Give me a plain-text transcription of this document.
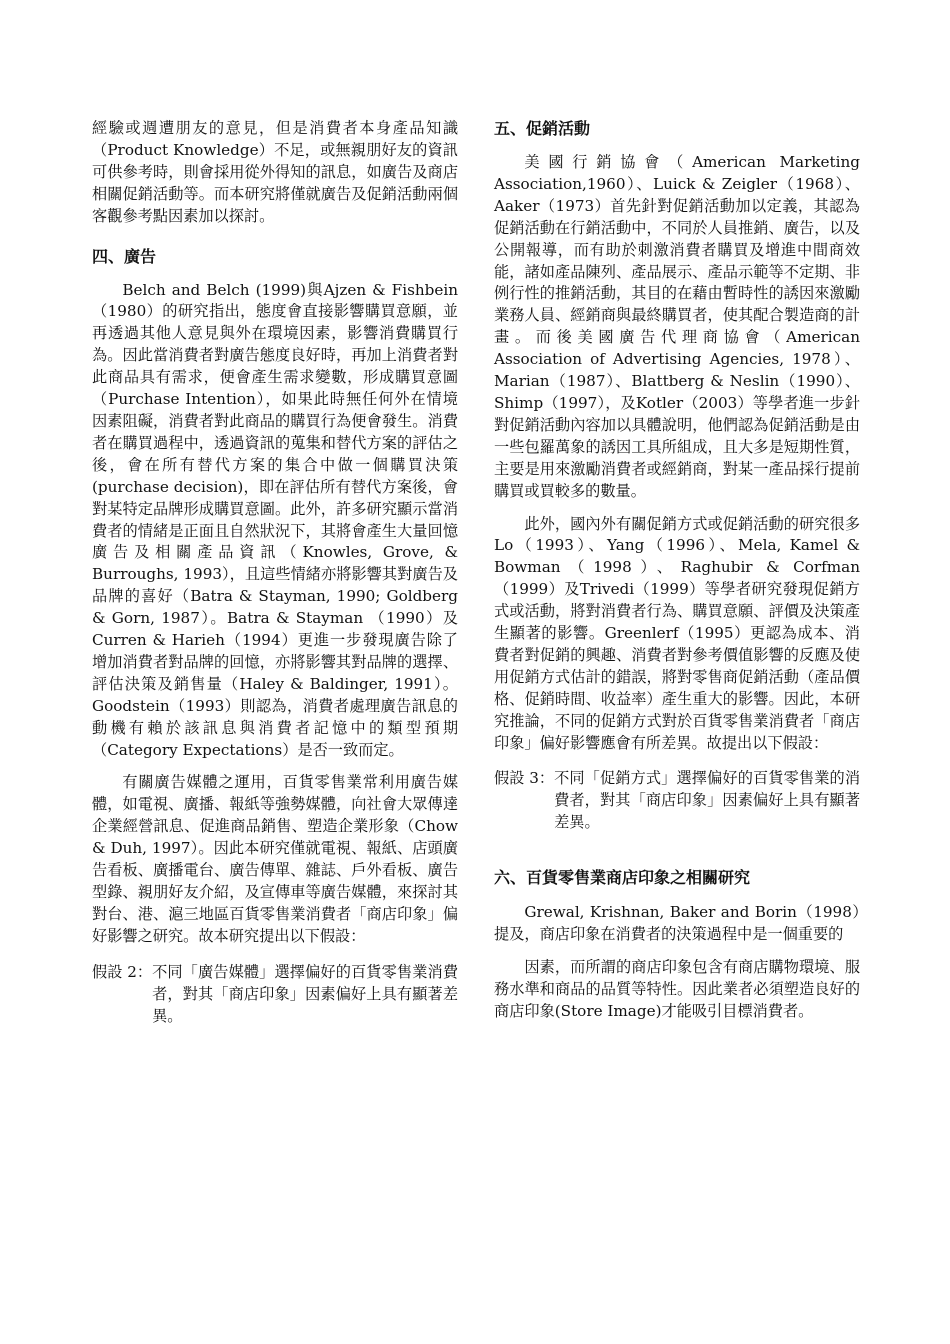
經驗或週遭朋友的意見，但是消費者本身產品知識（Product Knowledge）不足，或無親朋好友的資訊可供參考時，則會採用從外得知的訊息，如廣告及商店相關促銷活動等。而本研究將僅就廣告及促銷活動兩個客觀參考點因素加以探討。

四、廣告

Belch and Belch (1999)與Ajzen & Fishbein（1980）的研究指出，態度會直接影響購買意願，並再透過其他人意見與外在環境因素，影響消費購買行為。因此當消費者對廣告態度良好時，再加上消費者對此商品具有需求，便會產生需求變數，形成購買意圖（Purchase Intention），如果此時無任何外在情境因素阻礙，消費者對此商品的購買行為便會發生。消費者在購買過程中，透過資訊的蒐集和替代方案的評估之後，會在所有替代方案的集合中做一個購買決策(purchase decision)，即在評估所有替代方案後，會對某特定品牌形成購買意圖。此外，許多研究顯示當消費者的情緒是正面且自然狀況下，其將會產生大量回憶廣告及相關產品資訊（Knowles, Grove, & Burroughs, 1993），且這些情緒亦將影響其對廣告及品牌的喜好（Batra & Stayman, 1990; Goldberg & Gorn, 1987）。Batra & Stayman （1990）及Curren & Harieh（1994）更進一步發現廣告除了增加消費者對品牌的回憶，亦將影響其對品牌的選擇、評估決策及銷售量（Haley & Baldinger, 1991）。Goodstein（1993）則認為，消費者處理廣告訊息的動機有賴於該訊息與消費者記憶中的類型預期（Category Expectations）是否一致而定。

有關廣告媒體之運用，百貨零售業常利用廣告媒體，如電視、廣播、報紙等強勢媒體，向社會大眾傳達企業經營訊息、促進商品銷售、塑造企業形象（Chow & Duh, 1997）。因此本研究僅就電視、報紙、店頭廣告看板、廣播電台、廣告傳單、雜誌、戶外看板、廣告型錄、親朋好友介紹，及宣傳車等廣告媒體，來探討其對台、港、滬三地區百貨零售業消費者「商店印象」偏好影響之研究。故本研究提出以下假設：

假設 2： 不同「廣告媒體」選擇偏好的百貨零售業消費者，對其「商店印象」因素偏好上具有顯著差異。
五、促銷活動

美國行銷協會（American Marketing Association,1960）、Luick & Zeigler（1968）、Aaker（1973）首先針對促銷活動加以定義，其認為促銷活動在行銷活動中，不同於人員推銷、廣告，以及公開報導，而有助於刺激消費者購買及增進中間商效能，諸如產品陳列、產品展示、產品示範等不定期、非例行性的推銷活動，其目的在藉由暫時性的誘因來激勵業務人員、經銷商與最終購買者，使其配合製造商的計畫。而後美國廣告代理商協會（American Association of Advertising Agencies, 1978）、Marian（1987）、Blattberg & Neslin（1990）、Shimp（1997），及Kotler（2003）等學者進一步針對促銷活動內容加以具體說明，他們認為促銷活動是由一些包羅萬象的誘因工具所組成，且大多是短期性質，主要是用來激勵消費者或經銷商，對某一產品採行提前購買或買較多的數量。

此外，國內外有關促銷方式或促銷活動的研究很多Lo（1993）、Yang（1996）、Mela, Kamel & Bowman（1998）、Raghubir & Corfman（1999）及Trivedi（1999）等學者研究發現促銷方式或活動，將對消費者行為、購買意願、評價及決策產生顯著的影響。Greenlerf（1995）更認為成本、消費者對促銷的興趣、消費者對參考價值影響的反應及使用促銷方式估計的錯誤，將對零售商促銷活動（產品價格、促銷時間、收益率）產生重大的影響。因此，本研究推論，不同的促銷方式對於百貨零售業消費者「商店印象」偏好影響應會有所差異。故提出以下假設：

假設 3： 不同「促銷方式」選擇偏好的百貨零售業的消費者，對其「商店印象」因素偏好上具有顯著差異。
六、百貨零售業商店印象之相關研究

Grewal, Krishnan, Baker and Borin（1998）提及，商店印象在消費者的決策過程中是一個重要的

因素，而所謂的商店印象包含有商店購物環境、服務水準和商品的品質等特性。因此業者必須塑造良好的商店印象(Store Image)才能吸引目標消費者。
